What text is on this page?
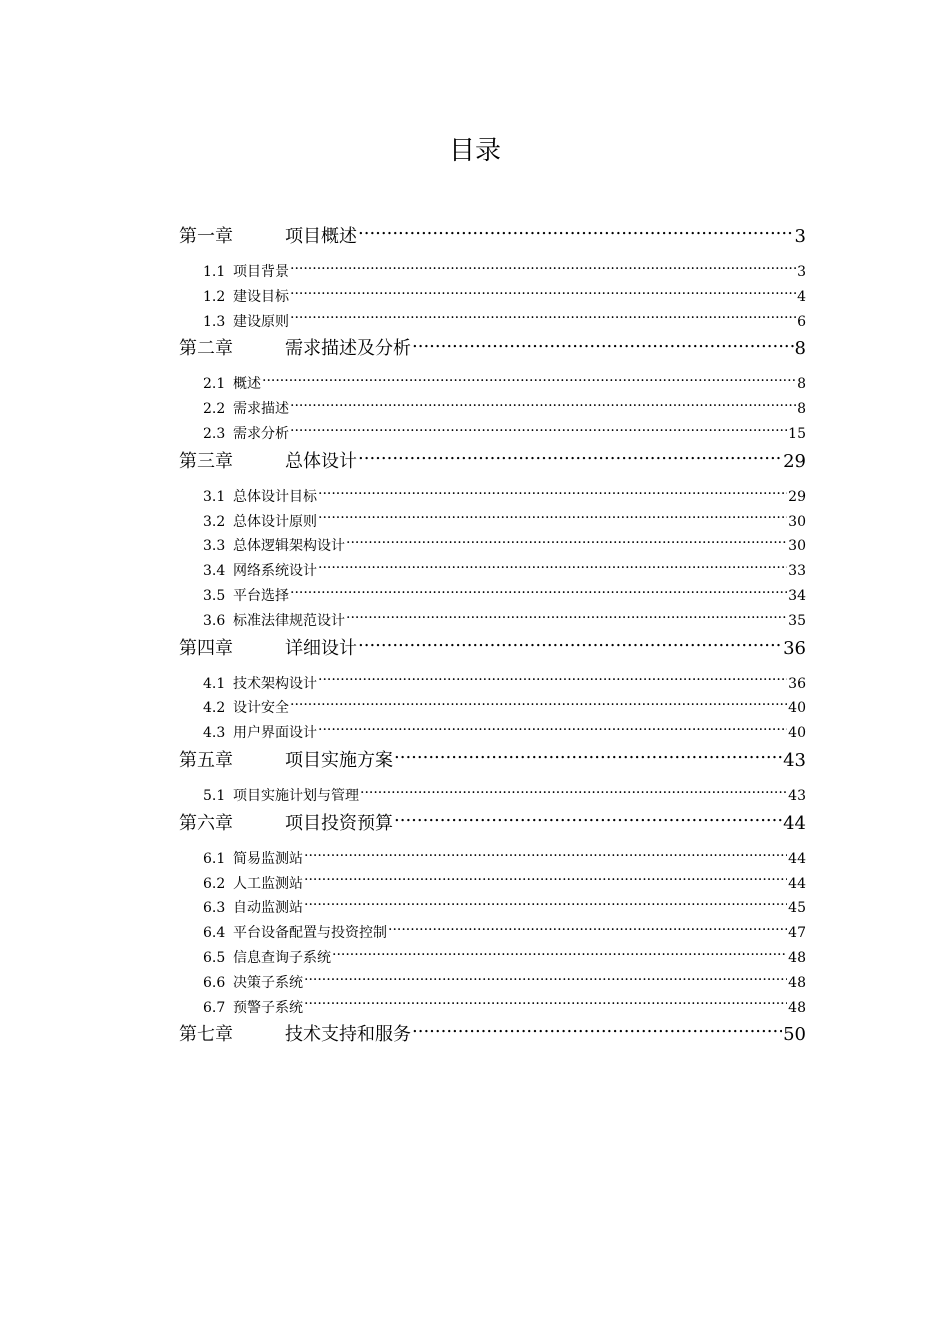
目录
第一章	项目概述 .....	3
1.1 项目背景 .....	3
1.2 建设目标 .....	4
1.3 建设原则 .....	6
第二章	需求描述及分析 .....	8
2.1 概述 .....	8
2.2 需求描述 .....	8
2.3 需求分析 .....	15
第三章	总体设计 .....	29
3.1 总体设计目标 .....	29
3.2 总体设计原则 .....	30
3.3 总体逻辑架构设计 .....	30
3.4 网络系统设计 .....	33
3.5 平台选择 .....	34
3.6 标准法律规范设计 .....	35
第四章	详细设计 .....	36
4.1 技术架构设计 .....	36
4.2 设计安全 .....	40
4.3 用户界面设计 .....	40
第五章	项目实施方案 .....	43
5.1 项目实施计划与管理 .....	43
第六章	项目投资预算 .....	44
6.1 简易监测站 .....	44
6.2 人工监测站 .....	44
6.3 自动监测站 .....	45
6.4 平台设备配置与投资控制 .....	47
6.5 信息查询子系统 .....	48
6.6 决策子系统 .....	48
6.7 预警子系统 .....	48
第七章	技术支持和服务 .....	50
